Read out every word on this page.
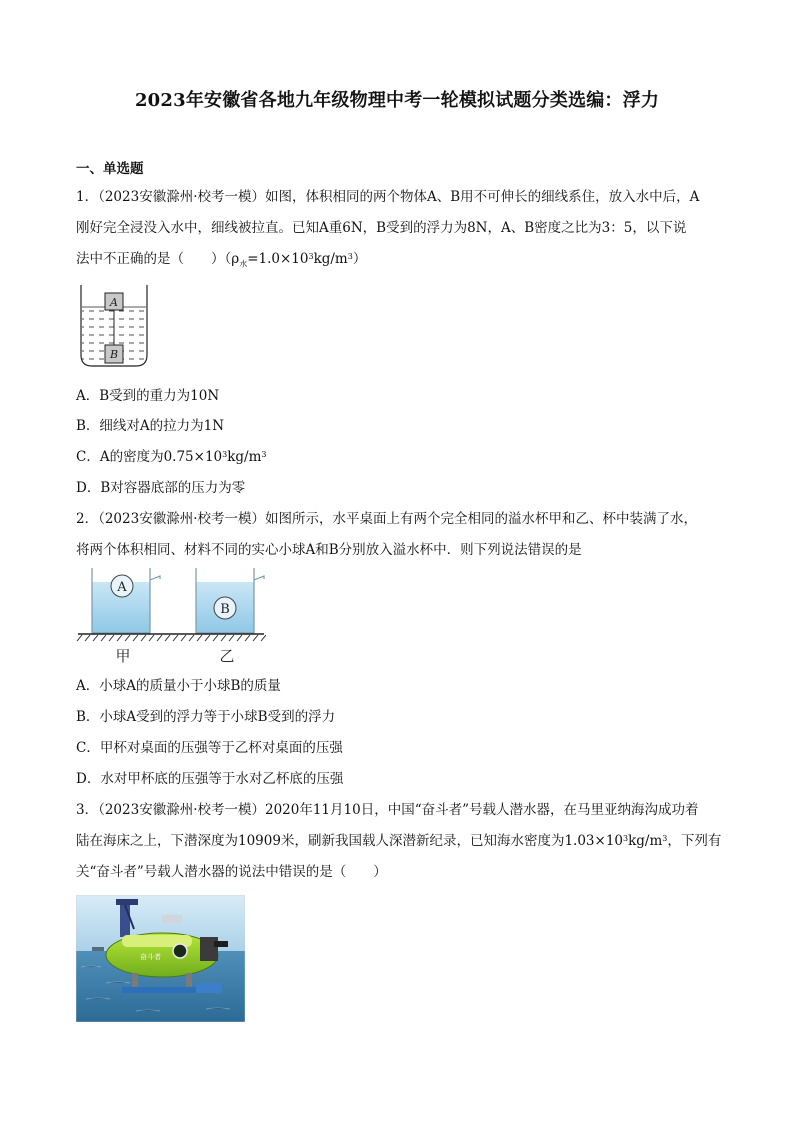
2023年安徽省各地九年级物理中考一轮模拟试题分类选编：浮力
一、单选题
1．（2023安徽滁州·校考一模）如图，体积相同的两个物体A、B用不可伸长的细线系住，放入水中后，A
刚好完全浸没入水中，细线被拉直。已知A重6N，B受到的浮力为8N，A、B密度之比为3：5，以下说
法中不正确的是（　　）$(\rho_水=1.0\times 10^3kg/m^3)$
A
B
A．B受到的重力为10N
B．细线对A的拉力为1N
C．A的密度为$0.75\times 10^3kg/m^3$
D．B对容器底部的压力为零
2．（2023安徽滁州·校考一模）如图所示，水平桌面上有两个完全相同的溢水杯甲和乙、杯中装满了水，
将两个体积相同、材料不同的实心小球A和B分别放入溢水杯中．则下列说法错误的是
A
B
甲	乙
A．小球A的质量小于小球B的质量
B．小球A受到的浮力等于小球B受到的浮力
C．甲杯对桌面的压强等于乙杯对桌面的压强
D．水对甲杯底的压强等于水对乙杯底的压强
3．（2023安徽滁州·校考一模）2020年11月10日，中国“奋斗者”号载人潜水器，在马里亚纳海沟成功着
陆在海床之上，下潜深度为10909米，刷新我国载人深潜新纪录，已知海水密度为$1.03\times 10^3kg/m^3$，下列有
关“奋斗者”号载人潜水器的说法中错误的是（　　）
奋斗者
